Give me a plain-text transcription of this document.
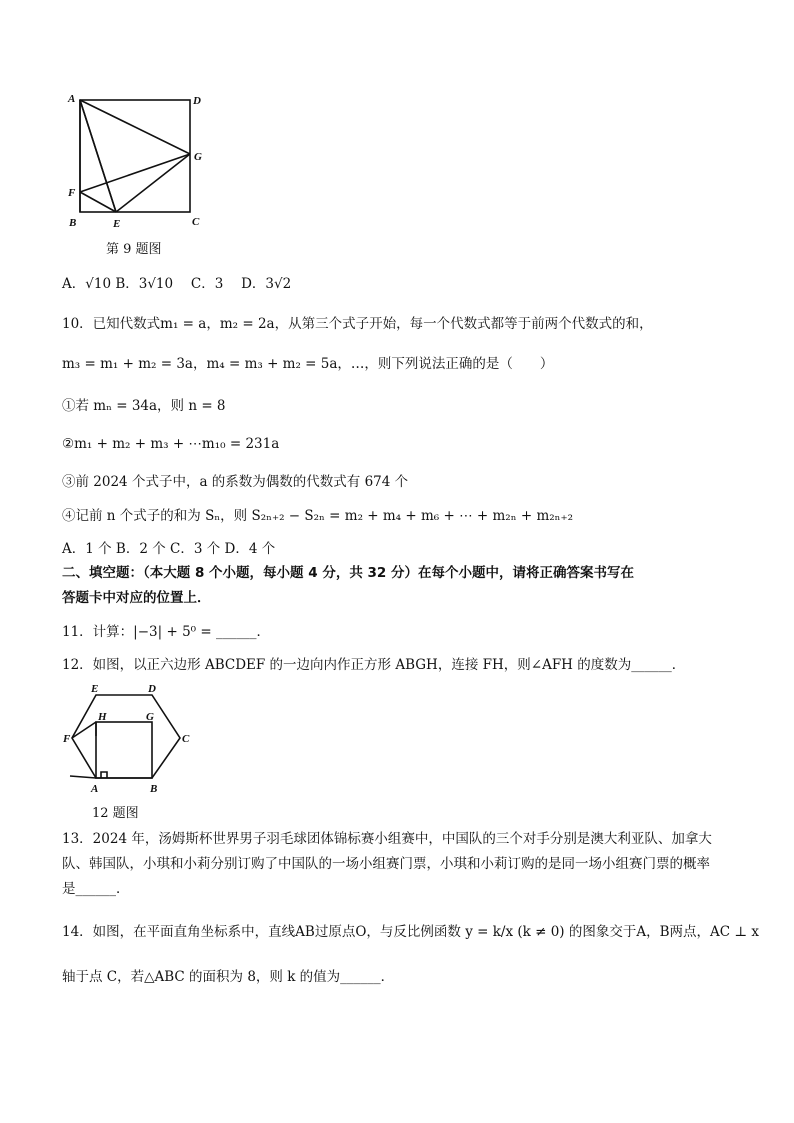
A	D
G
F
B	E	C
第 9 题图
A．√10 B．3√10　 C．3　 D．3√2
10．已知代数式m₁ = a，m₂ = 2a，从第三个式子开始，每一个代数式都等于前两个代数式的和，
m₃ = m₁ + m₂ = 3a，m₄ = m₃ + m₂ = 5a，…，则下列说法正确的是（　　）
①若 mₙ = 34a，则 n = 8
②m₁ + m₂ + m₃ + ⋯m₁₀ = 231a
③前 2024 个式子中，a 的系数为偶数的代数式有 674 个
④记前 n 个式子的和为 Sₙ，则 S₂ₙ₊₂ − S₂ₙ = m₂ + m₄ + m₆ + ⋯ + m₂ₙ + m₂ₙ₊₂
A．1 个 B．2 个 C．3 个 D．4 个
二、填空题：（本大题 8 个小题，每小题 4 分，共 32 分）在每个小题中，请将正确答案书写在
答题卡中对应的位置上．
11．计算：|−3| + 5⁰ = ______．
12．如图，以正六边形 ABCDEF 的一边向内作正方形 ABGH，连接 FH，则∠AFH 的度数为______．
E	D
H	G
F	C
A	B
12 题图
13．2024 年，汤姆斯杯世界男子羽毛球团体锦标赛小组赛中，中国队的三个对手分别是澳大利亚队、加拿大
队、韩国队，小琪和小莉分别订购了中国队的一场小组赛门票，小琪和小莉订购的是同一场小组赛门票的概率
是______．
14．如图，在平面直角坐标系中，直线AB过原点O，与反比例函数 y = k/x (k ≠ 0) 的图象交于A，B两点，AC ⊥ x
轴于点 C，若△ABC 的面积为 8，则 k 的值为______．
